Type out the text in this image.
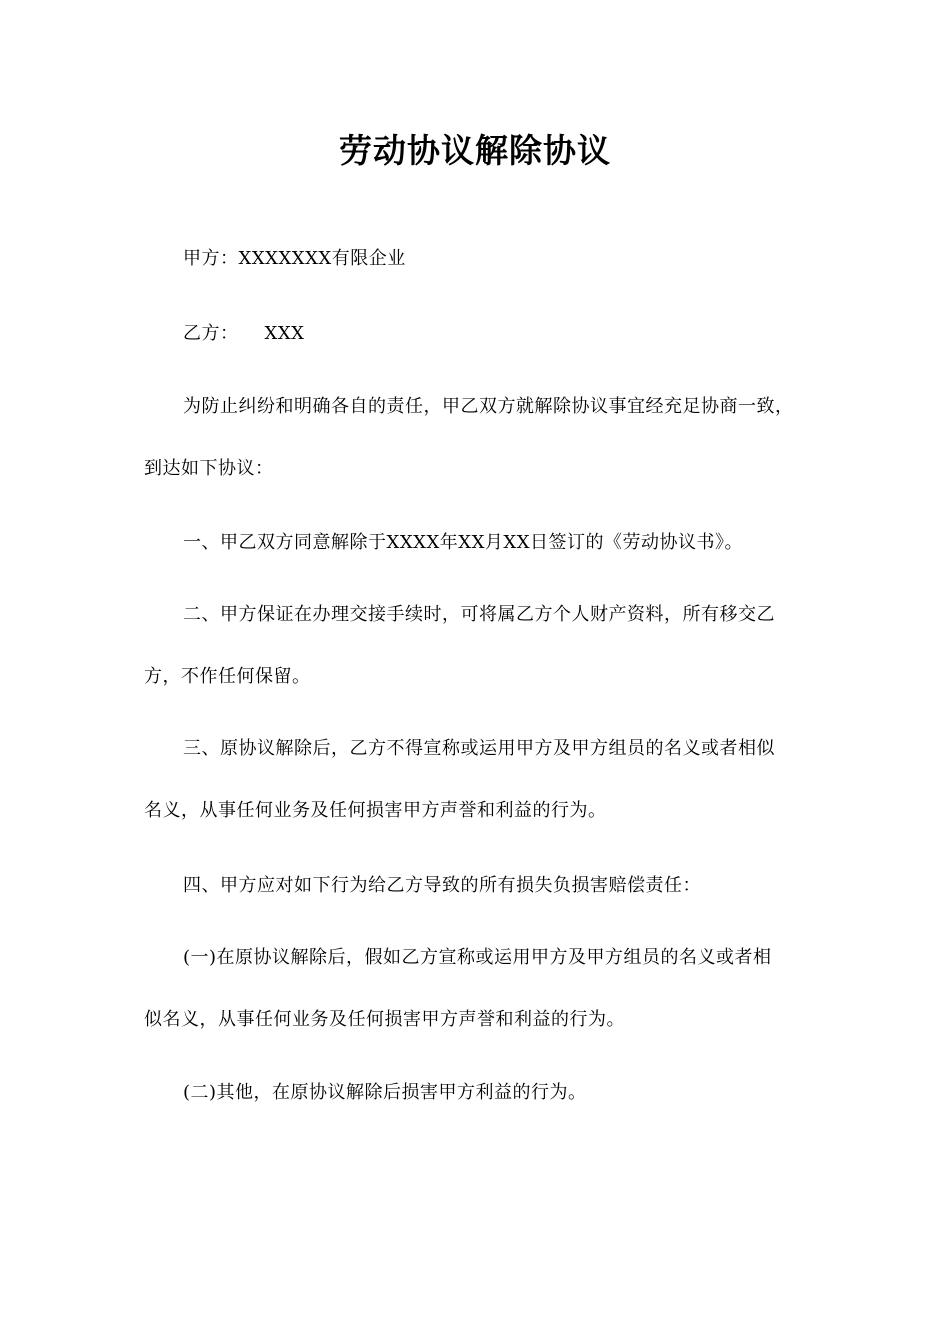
劳动协议解除协议
甲方：XXXXXXX有限企业
乙方： XXX
为防止纠纷和明确各自的责任，甲乙双方就解除协议事宜经充足协商一致，
到达如下协议：
一、甲乙双方同意解除于XXXX年XX月XX日签订的《劳动协议书》。
二、甲方保证在办理交接手续时，可将属乙方个人财产资料，所有移交乙
方，不作任何保留。
三、原协议解除后，乙方不得宣称或运用甲方及甲方组员的名义或者相似
名义，从事任何业务及任何损害甲方声誉和利益的行为。
四、甲方应对如下行为给乙方导致的所有损失负损害赔偿责任：
(一)在原协议解除后，假如乙方宣称或运用甲方及甲方组员的名义或者相
似名义，从事任何业务及任何损害甲方声誉和利益的行为。
(二)其他，在原协议解除后损害甲方利益的行为。
